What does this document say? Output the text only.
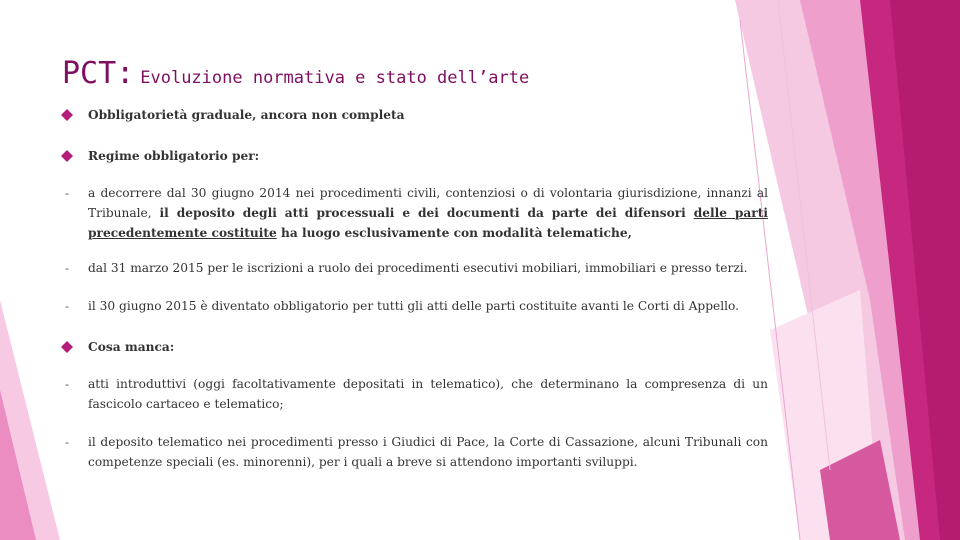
PCT: Evoluzione normativa e stato dell’arte
Obbligatorietà graduale, ancora non completa
Regime obbligatorio per:
-	a decorrere dal 30 giugno 2014 nei procedimenti civili, contenziosi o di volontaria giurisdizione, innanzi al Tribunale, il deposito degli atti processuali e dei documenti da parte dei difensori delle parti precedentemente costituite ha luogo esclusivamente con modalità telematiche,
-	dal 31 marzo 2015 per le iscrizioni a ruolo dei procedimenti esecutivi mobiliari, immobiliari e presso terzi.
-	il 30 giugno 2015 è diventato obbligatorio per tutti gli atti delle parti costituite avanti le Corti di Appello.
Cosa manca:
-	atti introduttivi (oggi facoltativamente depositati in telematico), che determinano la compresenza di un fascicolo cartaceo e telematico;
-	il deposito telematico nei procedimenti presso i Giudici di Pace, la Corte di Cassazione, alcuni Tribunali con competenze speciali (es. minorenni), per i quali a breve si attendono importanti sviluppi.
